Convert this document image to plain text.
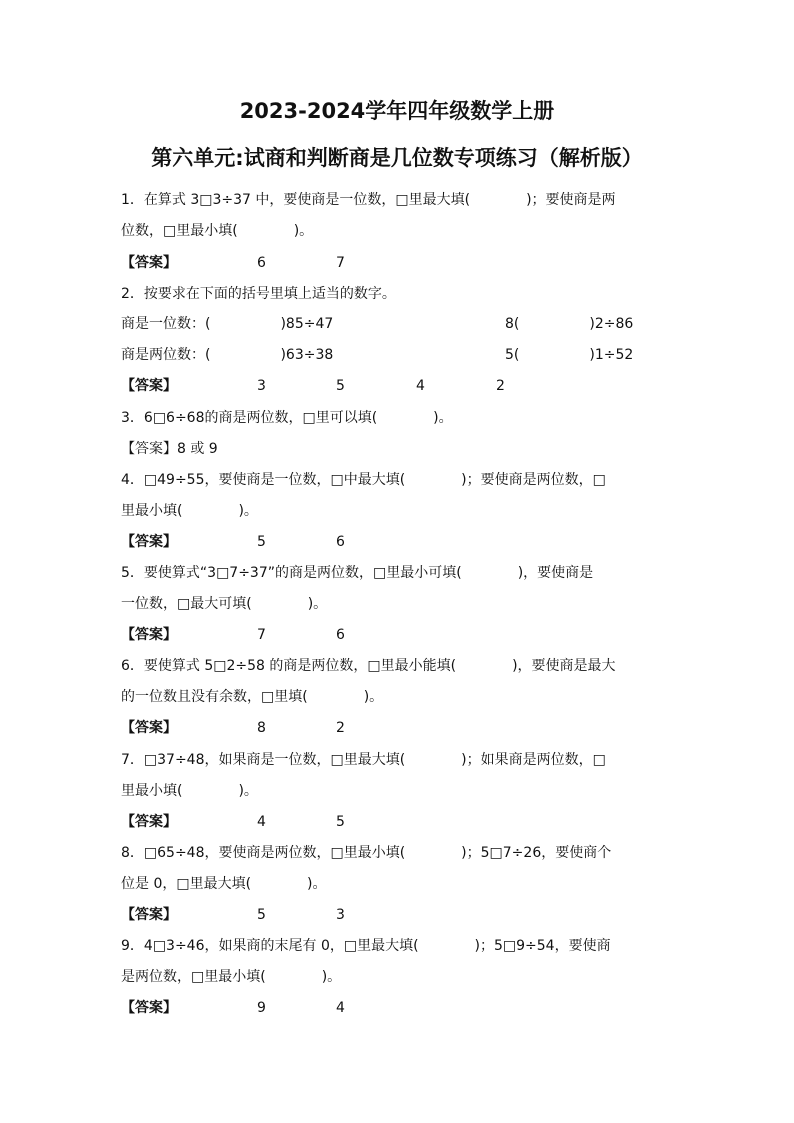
2023-2024学年四年级数学上册
第六单元:试商和判断商是几位数专项练习（解析版）
1．在算式 3□3÷37 中，要使商是一位数，□里最大填(　　　　)；要使商是两
位数，□里最小填(　　　　)。
【答案】	6	7
2．按要求在下面的括号里填上适当的数字。
商是一位数：(　　　　　)85÷47	8(　　　　　)2÷86
商是两位数：(　　　　　)63÷38	5(　　　　　)1÷52
【答案】	3	5	4	2
3．6□6÷68的商是两位数，□里可以填(　　　　)。
【答案】8 或 9
4．□49÷55，要使商是一位数，□中最大填(　　　　)；要使商是两位数，□
里最小填(　　　　)。
【答案】	5	6
5．要使算式“3□7÷37”的商是两位数，□里最小可填(　　　　)，要使商是
一位数，□最大可填(　　　　)。
【答案】	7	6
6．要使算式 5□2÷58 的商是两位数，□里最小能填(　　　　)，要使商是最大
的一位数且没有余数，□里填(　　　　)。
【答案】	8	2
7．□37÷48，如果商是一位数，□里最大填(　　　　)；如果商是两位数，□
里最小填(　　　　)。
【答案】	4	5
8．□65÷48，要使商是两位数，□里最小填(　　　　)；5□7÷26，要使商个
位是 0，□里最大填(　　　　)。
【答案】	5	3
9．4□3÷46，如果商的末尾有 0，□里最大填(　　　　)；5□9÷54，要使商
是两位数，□里最小填(　　　　)。
【答案】	9	4
